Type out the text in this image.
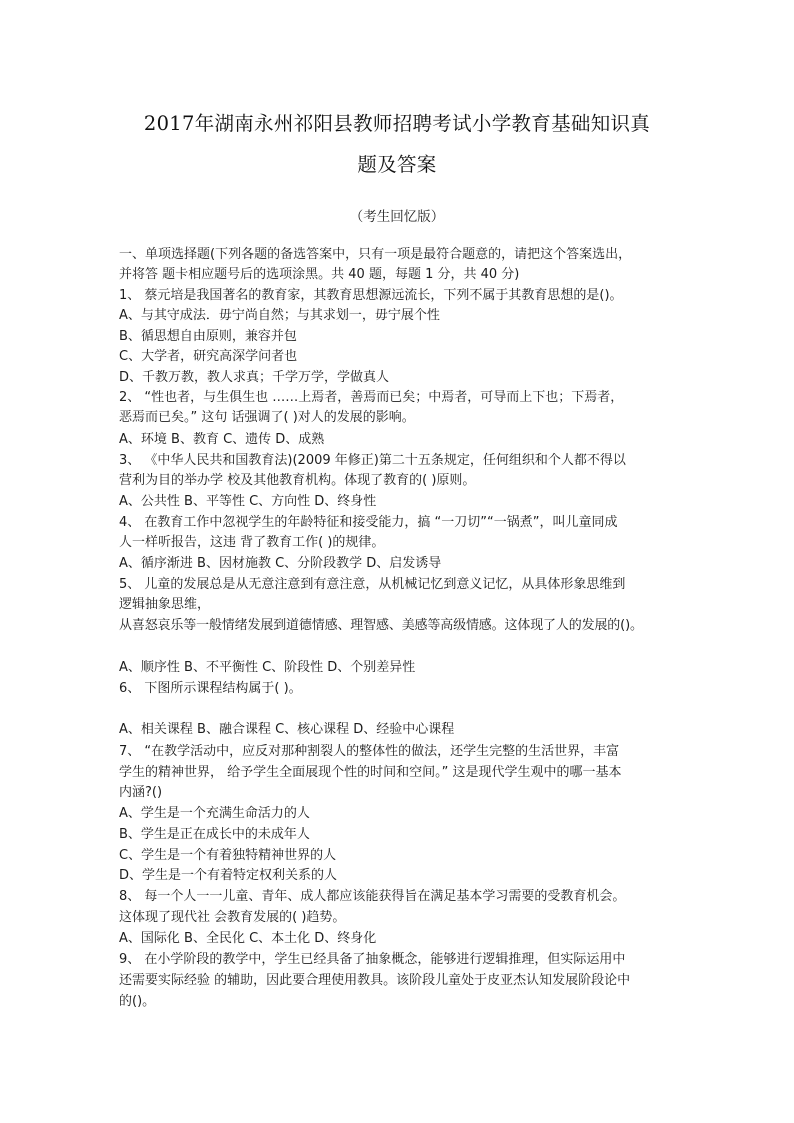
2017年湖南永州祁阳县教师招聘考试小学教育基础知识真
题及答案
（考生回忆版）
一、单项选择题(下列各题的备选答案中，只有一项是最符合题意的，请把这个答案选出，
并将答 题卡相应题号后的选项涂黑。共 40 题，每题 1 分，共 40 分)
1、 蔡元培是我国著名的教育家，其教育思想源远流长，下列不属于其教育思想的是()。
A、与其守成法．毋宁尚自然；与其求划一，毋宁展个性
B、循思想自由原则，兼容并包
C、大学者，研究高深学问者也
D、千教万教，教人求真；千学万学，学做真人
2、 “性也者，与生俱生也 ……上焉者，善焉而已矣；中焉者，可导而上下也；下焉者，
恶焉而已矣。” 这句 话强调了( )对人的发展的影响。
A、环境 B、教育 C、遗传 D、成熟
3、 《中华人民共和国教育法)(2009 年修正)第二十五条规定，任何组织和个人都不得以
营利为目的举办学 校及其他教育机构。体现了教育的( )原则。
A、公共性 B、平等性 C、方向性 D、终身性
4、 在教育工作中忽视学生的年龄特征和接受能力，搞 “一刀切”“一锅煮”，叫儿童同成
人一样听报告，这违 背了教育工作( )的规律。
A、循序渐进 B、因材施教 C、分阶段教学 D、启发诱导
5、 儿童的发展总是从无意注意到有意注意，从机械记忆到意义记忆，从具体形象思维到
逻辑抽象思维，
从喜怒哀乐等一般情绪发展到道德情感、理智感、美感等高级情感。这体现了人的发展的()。
A、顺序性 B、不平衡性 C、阶段性 D、个别差异性
6、 下图所示课程结构属于( )。
A、相关课程 B、融合课程 C、核心课程 D、经验中心课程
7、 “在教学活动中，应反对那种割裂人的整体性的做法，还学生完整的生活世界，丰富
学生的精神世界， 给予学生全面展现个性的时间和空间。” 这是现代学生观中的哪一基本
内涵?()
A、学生是一个充满生命活力的人
B、学生是正在成长中的未成年人
C、学生是一个有着独特精神世界的人
D、学生是一个有着特定权利关系的人
8、 每一个人一一儿童、青年、成人都应该能获得旨在满足基本学习需要的受教育机会。
这体现了现代社 会教育发展的( )趋势。
A、国际化 B、全民化 C、本土化 D、终身化
9、 在小学阶段的教学中，学生已经具备了抽象概念，能够进行逻辑推理，但实际运用中
还需要实际经验 的辅助，因此要合理使用教具。该阶段儿童处于皮亚杰认知发展阶段论中
的()。
